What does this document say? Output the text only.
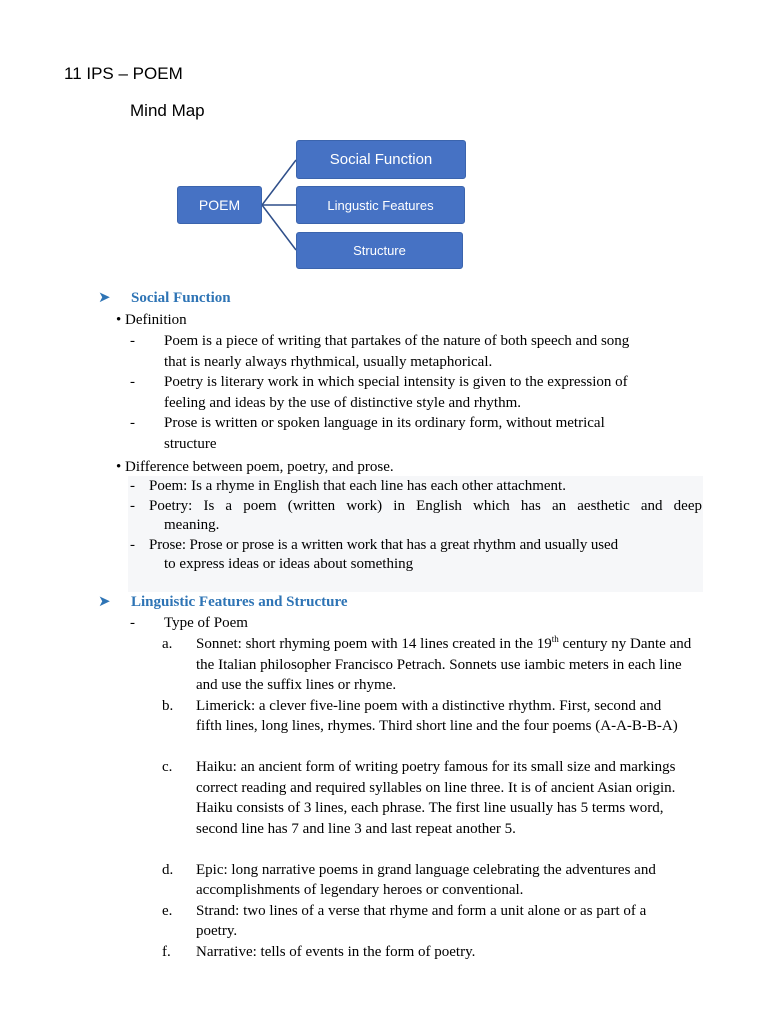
11 IPS – POEM
Mind Map
POEM
Social Function
Lingustic Features
Structure
➤ Social Function
• Definition
- Poem is a piece of writing that partakes of the nature of both speech and song
that is nearly always rhythmical, usually metaphorical.
- Poetry is literary work in which special intensity is given to the expression of
feeling and ideas by the use of distinctive style and rhythm.
- Prose is written or spoken language in its ordinary form, without metrical
structure
• Difference between poem, poetry, and prose.
- Poem: Is a rhyme in English that each line has each other attachment.
- Poetry: Is a poem (written work) in English which has an aesthetic and deep
meaning.
- Prose: Prose or prose is a written work that has a great rhythm and usually used
to express ideas or ideas about something
➤ Linguistic Features and Structure
- Type of Poem
a. Sonnet: short rhyming poem with 14 lines created in the 19th century ny Dante and the Italian philosopher Francisco Petrach. Sonnets use iambic meters in each line and use the suffix lines or rhyme.
b. Limerick: a clever five-line poem with a distinctive rhythm. First, second and fifth lines, long lines, rhymes. Third short line and the four poems (A-A-B-B-A)
c. Haiku: an ancient form of writing poetry famous for its small size and markings correct reading and required syllables on line three. It is of ancient Asian origin. Haiku consists of 3 lines, each phrase. The first line usually has 5 terms word, second line has 7 and line 3 and last repeat another 5.
d. Epic: long narrative poems in grand language celebrating the adventures and accomplishments of legendary heroes or conventional.
e. Strand: two lines of a verse that rhyme and form a unit alone or as part of a poetry.
f. Narrative: tells of events in the form of poetry.
